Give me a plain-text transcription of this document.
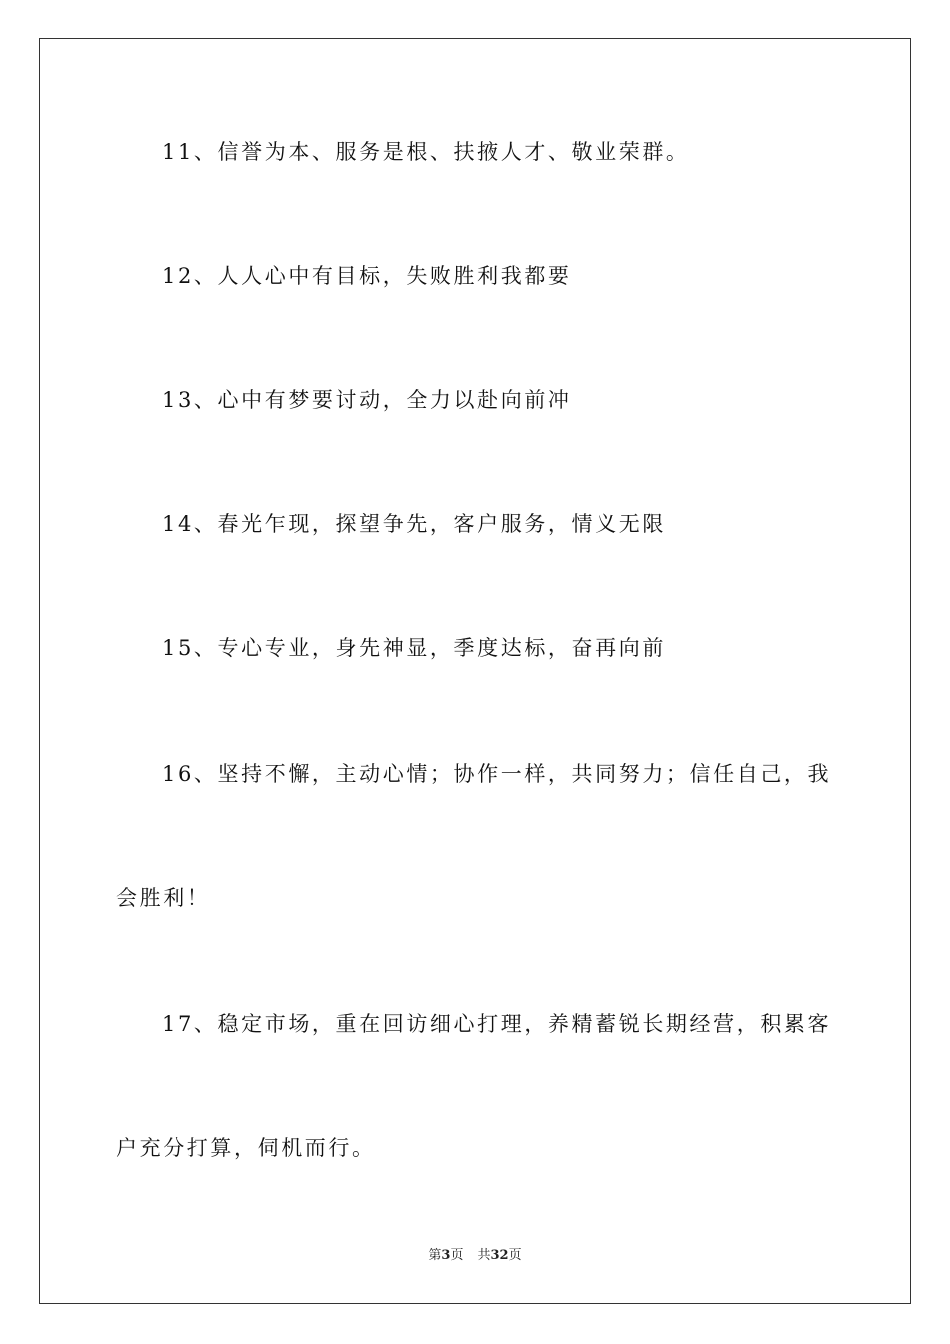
11、信誉为本、服务是根、扶掖人才、敬业荣群。
12、人人心中有目标，失败胜利我都要
13、心中有梦要讨动，全力以赴向前冲
14、春光乍现，探望争先，客户服务，情义无限
15、专心专业，身先神显，季度达标，奋再向前
16、坚持不懈，主动心情；协作一样，共同努力；信任自己，我
会胜利！
17、稳定市场，重在回访细心打理，养精蓄锐长期经营，积累客
户充分打算，伺机而行。
第3页 共32页
